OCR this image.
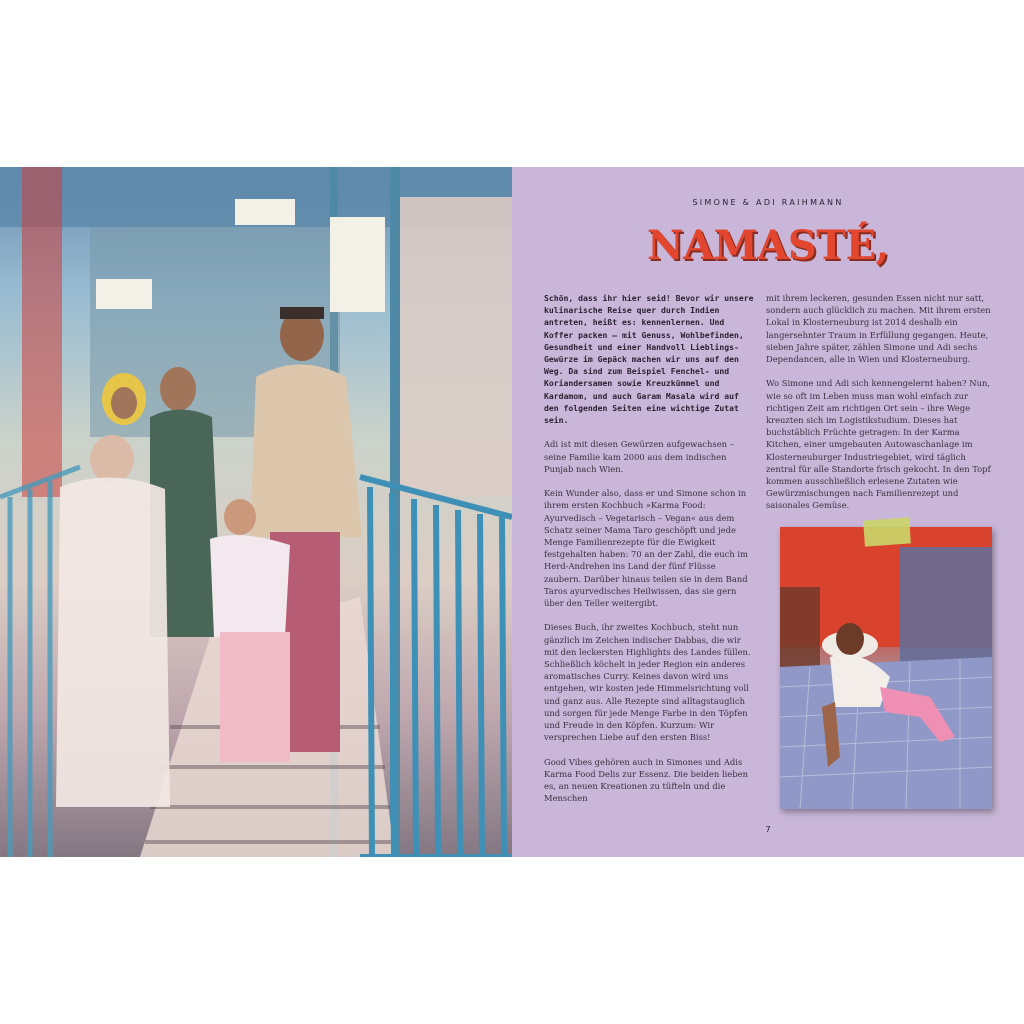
SIMONE & ADI RAIHMANN
NAMASTÉ,

Schön, dass ihr hier seid! Bevor wir unsere kulinarische Reise quer durch Indien antreten, heißt es: kennenlernen. Und Koffer packen – mit Genuss, Wohlbefinden, Gesundheit und einer Handvoll Lieblings-Gewürze im Gepäck machen wir uns auf den Weg. Da sind zum Beispiel Fenchel- und Koriandersamen sowie Kreuzkümmel und Kardamom, und auch Garam Masala wird auf den folgenden Seiten eine wichtige Zutat sein.

Adi ist mit diesen Gewürzen aufgewachsen – seine Familie kam 2000 aus dem indischen Punjab nach Wien.

Kein Wunder also, dass er und Simone schon in ihrem ersten Kochbuch »Karma Food: Ayurvedisch – Vegetarisch – Vegan« aus dem Schatz seiner Mama Taro geschöpft und jede Menge Familienrezepte für die Ewigkeit festgehalten haben: 70 an der Zahl, die euch im Herd-Andrehen ins Land der fünf Flüsse zaubern. Darüber hinaus teilen sie in dem Band Taros ayurvedisches Heilwissen, das sie gern über den Teller weitergibt.

Dieses Buch, ihr zweites Kochbuch, steht nun gänzlich im Zeichen indischer Dabbas, die wir mit den leckersten Highlights des Landes füllen. Schließlich köchelt in jeder Region ein anderes aromatisches Curry. Keines davon wird uns entgehen, wir kosten jede Himmelsrichtung voll und ganz aus. Alle Rezepte sind alltagstauglich und sorgen für jede Menge Farbe in den Töpfen und Freude in den Köpfen. Kurzum: Wir versprechen Liebe auf den ersten Biss!

Good Vibes gehören auch in Simones und Adis Karma Food Delis zur Essenz. Die beiden lieben es, an neuen Kreationen zu tüfteln und die Menschen

mit ihrem leckeren, gesunden Essen nicht nur satt, sondern auch glücklich zu machen. Mit ihrem ersten Lokal in Klosterneuburg ist 2014 deshalb ein langersehnter Traum in Erfüllung gegangen. Heute, sieben Jahre später, zählen Simone und Adi sechs Dependancen, alle in Wien und Klosterneuburg.

Wo Simone und Adi sich kennengelernt haben? Nun, wie so oft im Leben muss man wohl einfach zur richtigen Zeit am richtigen Ort sein – ihre Wege kreuzten sich im Logistikstudium. Dieses hat buchstäblich Früchte getragen: In der Karma Kitchen, einer umgebauten Autowaschanlage im Klosterneuburger Industriegebiet, wird täglich zentral für alle Standorte frisch gekocht. In den Topf kommen ausschließlich erlesene Zutaten wie Gewürzmischungen nach Familienrezept und saisonales Gemüse.

7
